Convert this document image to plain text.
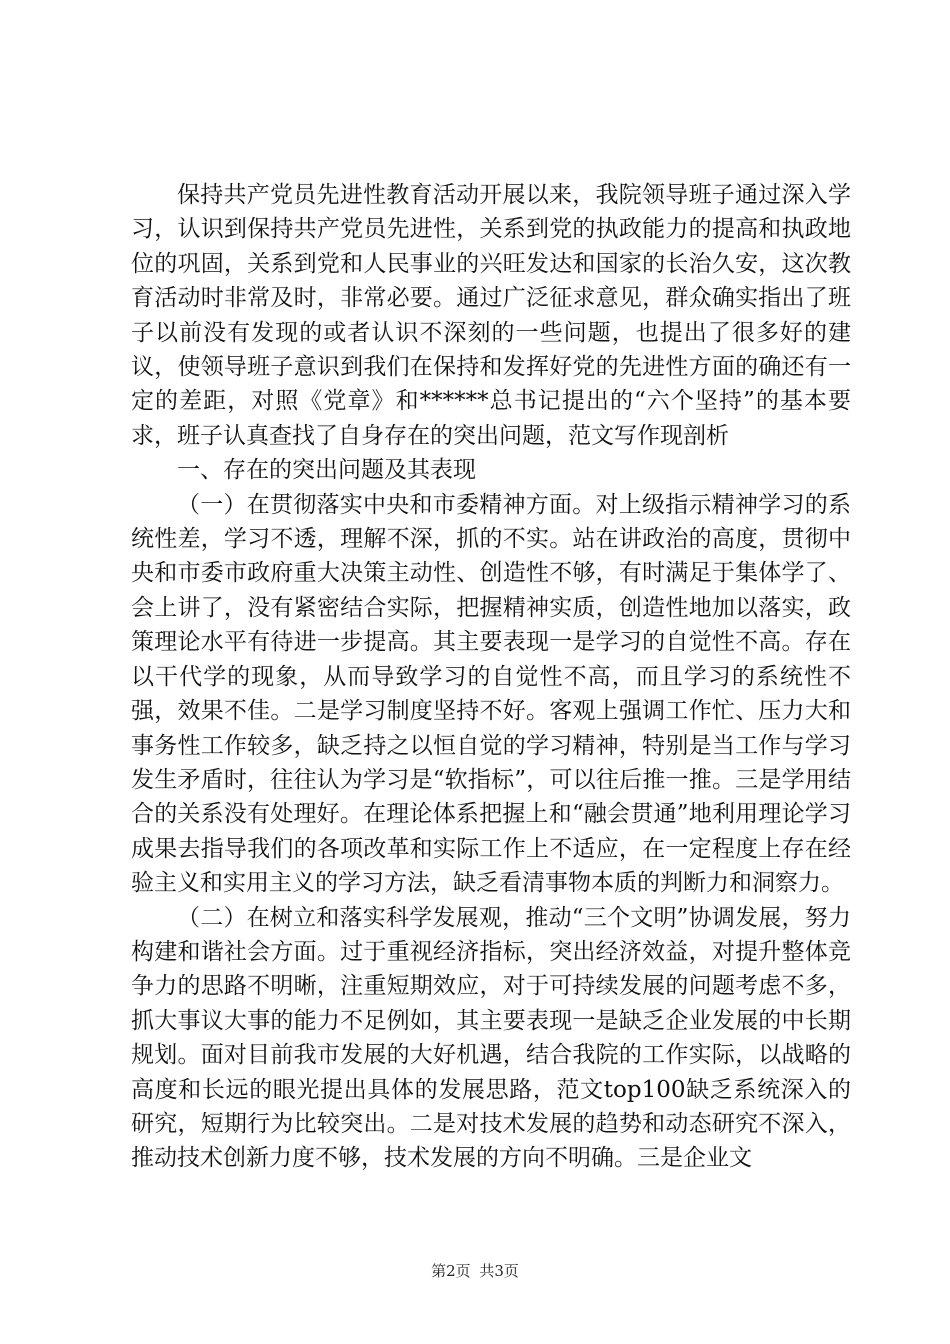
保持共产党员先进性教育活动开展以来，我院领导班子通过深入学习，认识到保持共产党员先进性，关系到党的执政能力的提高和执政地位的巩固，关系到党和人民事业的兴旺发达和国家的长治久安，这次教育活动时非常及时，非常必要。通过广泛征求意见，群众确实指出了班子以前没有发现的或者认识不深刻的一些问题，也提出了很多好的建议，使领导班子意识到我们在保持和发挥好党的先进性方面的确还有一定的差距，对照《党章》和******总书记提出的“六个坚持”的基本要求，班子认真查找了自身存在的突出问题，范文写作现剖析

一、存在的突出问题及其表现

（一）在贯彻落实中央和市委精神方面。对上级指示精神学习的系统性差，学习不透，理解不深，抓的不实。站在讲政治的高度，贯彻中央和市委市政府重大决策主动性、创造性不够，有时满足于集体学了、会上讲了，没有紧密结合实际，把握精神实质，创造性地加以落实，政策理论水平有待进一步提高。其主要表现一是学习的自觉性不高。存在以干代学的现象，从而导致学习的自觉性不高，而且学习的系统性不强，效果不佳。二是学习制度坚持不好。客观上强调工作忙、压力大和事务性工作较多，缺乏持之以恒自觉的学习精神，特别是当工作与学习发生矛盾时，往往认为学习是“软指标”，可以往后推一推。三是学用结合的关系没有处理好。在理论体系把握上和“融会贯通”地利用理论学习成果去指导我们的各项改革和实际工作上不适应，在一定程度上存在经验主义和实用主义的学习方法，缺乏看清事物本质的判断力和洞察力。

（二）在树立和落实科学发展观，推动“三个文明”协调发展，努力构建和谐社会方面。过于重视经济指标，突出经济效益，对提升整体竞争力的思路不明晰，注重短期效应，对于可持续发展的问题考虑不多，抓大事议大事的能力不足例如，其主要表现一是缺乏企业发展的中长期规划。面对目前我市发展的大好机遇，结合我院的工作实际，以战略的高度和长远的眼光提出具体的发展思路，范文top100缺乏系统深入的研究，短期行为比较突出。二是对技术发展的趋势和动态研究不深入，推动技术创新力度不够，技术发展的方向不明确。三是企业文

第2页 共3页
